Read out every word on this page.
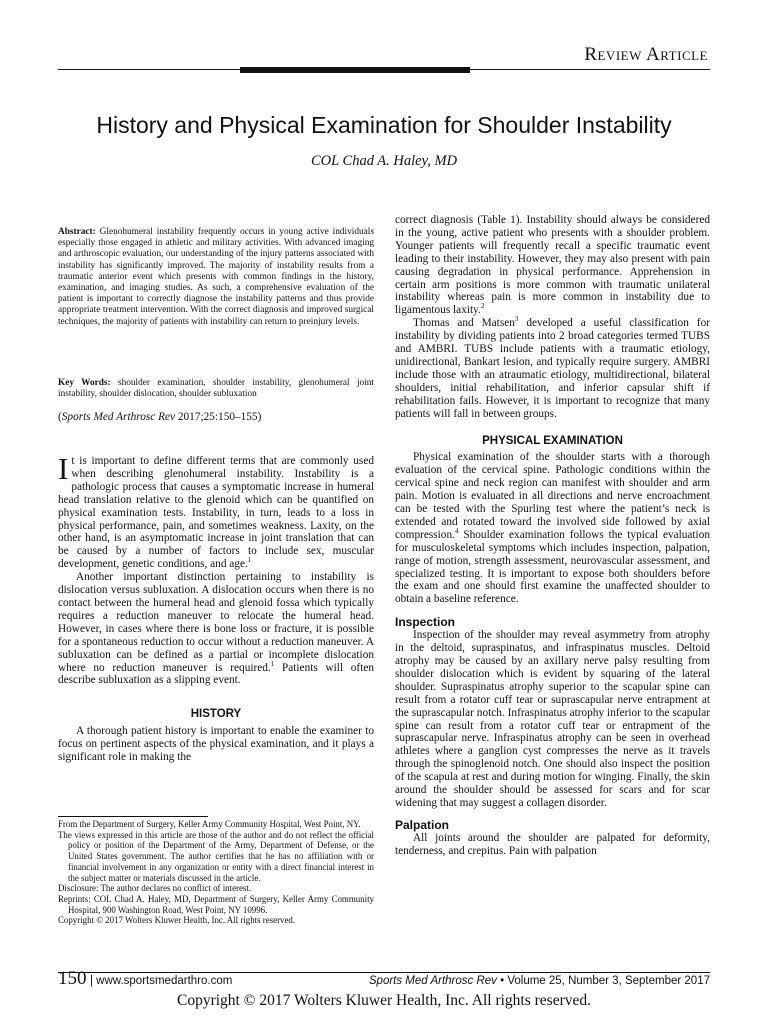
Review Article
History and Physical Examination for Shoulder Instability
COL Chad A. Haley, MD

Abstract: Glenohumeral instability frequently occurs in young active individuals especially those engaged in athletic and military activities. With advanced imaging and arthroscopic evaluation, our understanding of the injury patterns associated with instability has significantly improved. The majority of instability results from a traumatic anterior event which presents with common findings in the history, examination, and imaging studies. As such, a comprehensive evaluation of the patient is important to correctly diagnose the instability patterns and thus provide appropriate treatment intervention. With the correct diagnosis and improved surgical techniques, the majority of patients with instability can return to preinjury levels.

Key Words: shoulder examination, shoulder instability, glenohumeral joint instability, shoulder dislocation, shoulder subluxation

(Sports Med Arthrosc Rev 2017;25:150–155)

It is important to define different terms that are commonly used when describing glenohumeral instability. Instability is a pathologic process that causes a symptomatic increase in humeral head translation relative to the glenoid which can be quantified on physical examination tests. Instability, in turn, leads to a loss in physical performance, pain, and sometimes weakness. Laxity, on the other hand, is an asymptomatic increase in joint translation that can be caused by a number of factors to include sex, muscular development, genetic conditions, and age.$^1$

Another important distinction pertaining to instability is dislocation versus subluxation. A dislocation occurs when there is no contact between the humeral head and glenoid fossa which typically requires a reduction maneuver to relocate the humeral head. However, in cases where there is bone loss or fracture, it is possible for a spontaneous reduction to occur without a reduction maneuver. A subluxation can be defined as a partial or incomplete dislocation where no reduction maneuver is required.$^1$ Patients will often describe subluxation as a slipping event.

HISTORY

A thorough patient history is important to enable the examiner to focus on pertinent aspects of the physical examination, and it plays a significant role in making the

From the Department of Surgery, Keller Army Community Hospital, West Point, NY.

The views expressed in this article are those of the author and do not reflect the official policy or position of the Department of the Army, Department of Defense, or the United States government. The author certifies that he has no affiliation with or financial involvement in any organization or entity with a direct financial interest in the subject matter or materials discussed in the article.

Disclosure: The author declares no conflict of interest.

Reprints: COL Chad A. Haley, MD, Department of Surgery, Keller Army Community Hospital, 900 Washington Road, West Point, NY 10996.

Copyright © 2017 Wolters Kluwer Health, Inc. All rights reserved.

correct diagnosis (Table 1). Instability should always be considered in the young, active patient who presents with a shoulder problem. Younger patients will frequently recall a specific traumatic event leading to their instability. However, they may also present with pain causing degradation in physical performance. Apprehension in certain arm positions is more common with traumatic unilateral instability whereas pain is more common in instability due to ligamentous laxity.$^2$

Thomas and Matsen$^3$ developed a useful classification for instability by dividing patients into 2 broad categories termed TUBS and AMBRI. TUBS include patients with a traumatic etiology, unidirectional, Bankart lesion, and typically require surgery. AMBRI include those with an atraumatic etiology, multidirectional, bilateral shoulders, initial rehabilitation, and inferior capsular shift if rehabilitation fails. However, it is important to recognize that many patients will fall in between groups.

PHYSICAL EXAMINATION

Physical examination of the shoulder starts with a thorough evaluation of the cervical spine. Pathologic conditions within the cervical spine and neck region can manifest with shoulder and arm pain. Motion is evaluated in all directions and nerve encroachment can be tested with the Spurling test where the patient’s neck is extended and rotated toward the involved side followed by axial compression.$^4$ Shoulder examination follows the typical evaluation for musculoskeletal symptoms which includes inspection, palpation, range of motion, strength assessment, neurovascular assessment, and specialized testing. It is important to expose both shoulders before the exam and one should first examine the unaffected shoulder to obtain a baseline reference.

Inspection

Inspection of the shoulder may reveal asymmetry from atrophy in the deltoid, supraspinatus, and infraspinatus muscles. Deltoid atrophy may be caused by an axillary nerve palsy resulting from shoulder dislocation which is evident by squaring of the lateral shoulder. Supraspinatus atrophy superior to the scapular spine can result from a rotator cuff tear or suprascapular nerve entrapment at the suprascapular notch. Infraspinatus atrophy inferior to the scapular spine can result from a rotator cuff tear or entrapment of the suprascapular nerve. Infraspinatus atrophy can be seen in overhead athletes where a ganglion cyst compresses the nerve as it travels through the spinoglenoid notch. One should also inspect the position of the scapula at rest and during motion for winging. Finally, the skin around the shoulder should be assessed for scars and for scar widening that may suggest a collagen disorder.

Palpation

All joints around the shoulder are palpated for deformity, tenderness, and crepitus. Pain with palpation

150 | www.sportsmedarthro.com	Sports Med Arthrosc Rev • Volume 25, Number 3, September 2017
Copyright © 2017 Wolters Kluwer Health, Inc. All rights reserved.
